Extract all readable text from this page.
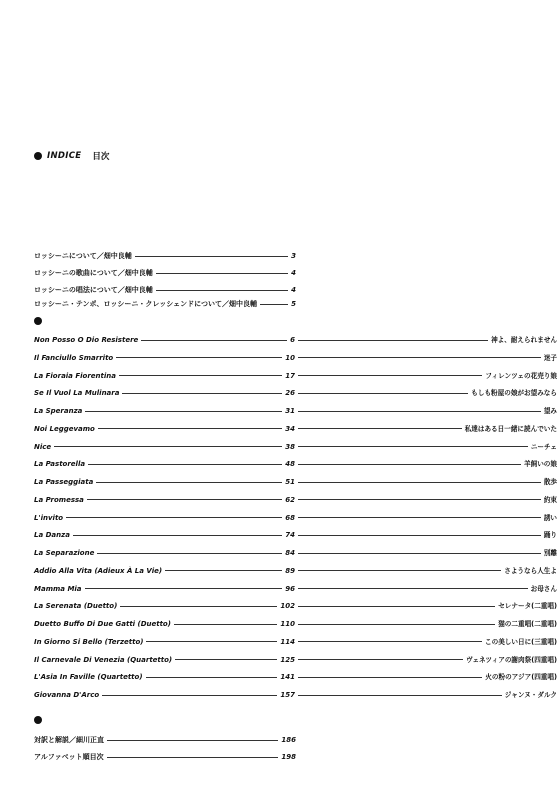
INDICE 目次
ロッシーニについて／畑中良輔	3
ロッシーニの歌曲について／畑中良輔	4
ロッシーニの唱法について／畑中良輔	4
ロッシーニ・テンポ、ロッシーニ・クレッシェンドについて／畑中良輔	5
Non Posso O Dio Resistere	6	神よ、耐えられません
Il Fanciullo Smarrito	10	迷子
La Fioraia Fiorentina	17	フィレンツェの花売り娘
Se Il Vuol La Mulinara	26	もしも粉屋の娘がお望みなら
La Speranza	31	望み
Noi Leggevamo	34	私達はある日一緒に読んでいた
Nice	38	ニーチェ
La Pastorella	48	羊飼いの娘
La Passeggiata	51	散歩
La Promessa	62	約束
L'invito	68	誘い
La Danza	74	踊り
La Separazione	84	別離
Addio Alla Vita (Adieux À La Vie)	89	さようなら人生よ
Mamma Mia	96	お母さん
La Serenata (Duetto)	102	セレナータ(二重唱)
Duetto Buffo Di Due Gatti (Duetto)	110	猫の二重唱(二重唱)
In Giorno Si Bello (Terzetto)	114	この美しい日に(三重唱)
Il Carnevale Di Venezia (Quartetto)	125	ヴェネツィアの謝肉祭(四重唱)
L'Asia In Faville (Quartetto)	141	火の粉のアジア(四重唱)
Giovanna D'Arco	157	ジャンヌ・ダルク
対訳と解説／細川正直	186
アルファベット順目次	198
